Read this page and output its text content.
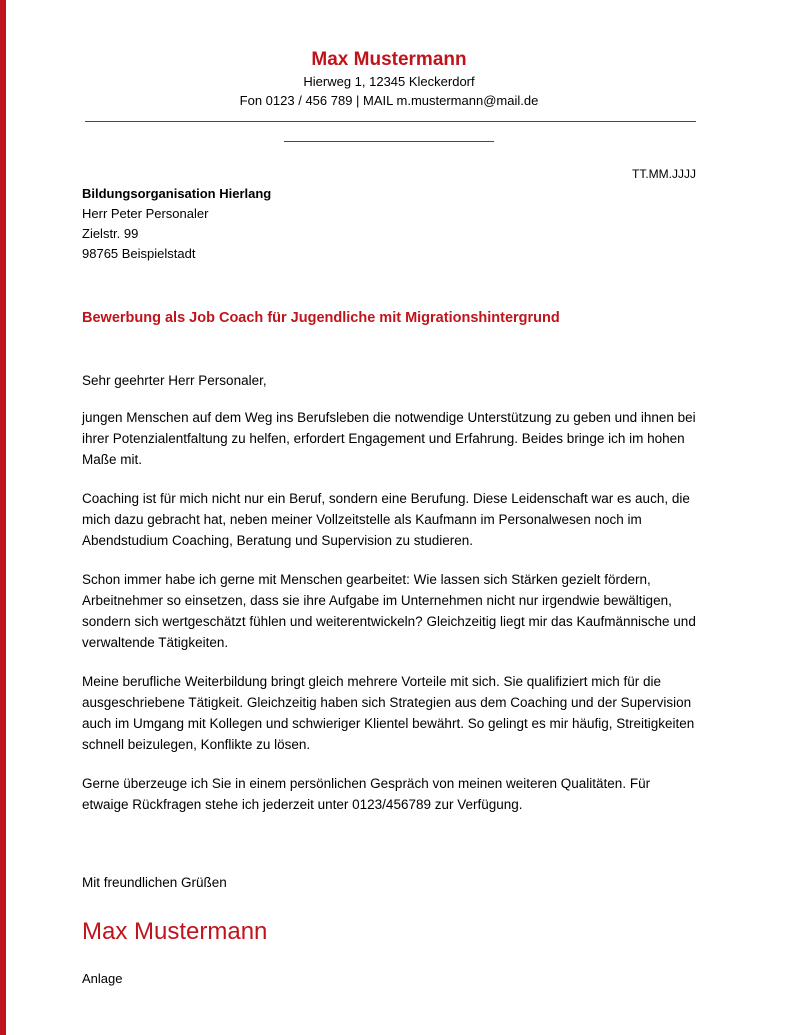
Max Mustermann
Hierweg 1, 12345 Kleckerdorf
Fon 0123 / 456 789 | MAIL m.mustermann@mail.de
TT.MM.JJJJ
Bildungsorganisation Hierlang
Herr Peter Personaler
Zielstr. 99
98765 Beispielstadt
Bewerbung als Job Coach für Jugendliche mit Migrationshintergrund

Sehr geehrter Herr Personaler,

jungen Menschen auf dem Weg ins Berufsleben die notwendige Unterstützung zu geben und ihnen bei ihrer Potenzialentfaltung zu helfen, erfordert Engagement und Erfahrung. Beides bringe ich im hohen Maße mit.

Coaching ist für mich nicht nur ein Beruf, sondern eine Berufung. Diese Leidenschaft war es auch, die mich dazu gebracht hat, neben meiner Vollzeitstelle als Kaufmann im Personalwesen noch im Abendstudium Coaching, Beratung und Supervision zu studieren.

Schon immer habe ich gerne mit Menschen gearbeitet: Wie lassen sich Stärken gezielt fördern, Arbeitnehmer so einsetzen, dass sie ihre Aufgabe im Unternehmen nicht nur irgendwie bewältigen, sondern sich wertgeschätzt fühlen und weiterentwickeln? Gleichzeitig liegt mir das Kaufmännische und verwaltende Tätigkeiten.

Meine berufliche Weiterbildung bringt gleich mehrere Vorteile mit sich. Sie qualifiziert mich für die ausgeschriebene Tätigkeit. Gleichzeitig haben sich Strategien aus dem Coaching und der Supervision auch im Umgang mit Kollegen und schwieriger Klientel bewährt. So gelingt es mir häufig, Streitigkeiten schnell beizulegen, Konflikte zu lösen.

Gerne überzeuge ich Sie in einem persönlichen Gespräch von meinen weiteren Qualitäten. Für etwaige Rückfragen stehe ich jederzeit unter 0123/456789 zur Verfügung.

Mit freundlichen Grüßen
Max Mustermann
Anlage
